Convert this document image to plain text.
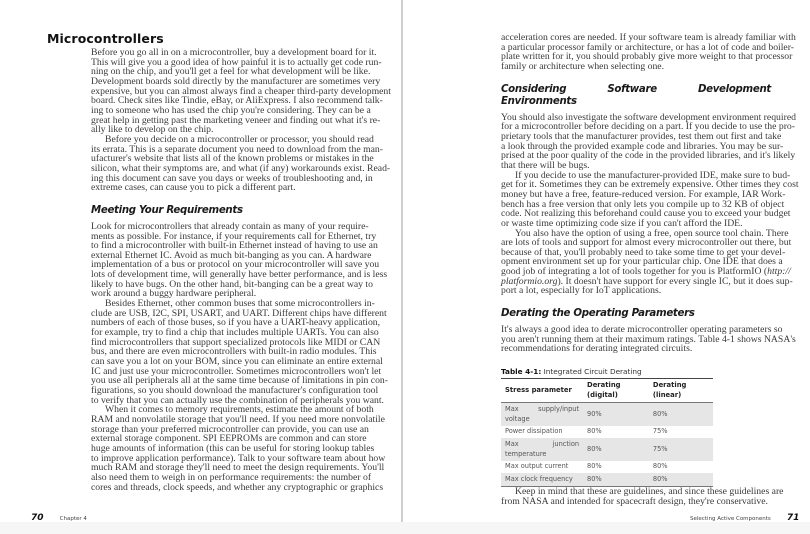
Microcontrollers

Before you go all in on a microcontroller, buy a development board for it.
This will give you a good idea of how painful it is to actually get code run-
ning on the chip, and you'll get a feel for what development will be like.
Development boards sold directly by the manufacturer are sometimes very
expensive, but you can almost always find a cheaper third-party development
board. Check sites like Tindie, eBay, or AliExpress. I also recommend talk-
ing to someone who has used the chip you're considering. They can be a
great help in getting past the marketing veneer and finding out what it's re-
ally like to develop on the chip.

Before you decide on a microcontroller or processor, you should read
its errata. This is a separate document you need to download from the man-
ufacturer's website that lists all of the known problems or mistakes in the
silicon, what their symptoms are, and what (if any) workarounds exist. Read-
ing this document can save you days or weeks of troubleshooting and, in
extreme cases, can cause you to pick a different part.

Meeting Your Requirements

Look for microcontrollers that already contain as many of your require-
ments as possible. For instance, if your requirements call for Ethernet, try
to find a microcontroller with built-in Ethernet instead of having to use an
external Ethernet IC. Avoid as much bit-banging as you can. A hardware
implementation of a bus or protocol on your microcontroller will save you
lots of development time, will generally have better performance, and is less
likely to have bugs. On the other hand, bit-banging can be a great way to
work around a buggy hardware peripheral.

Besides Ethernet, other common buses that some microcontrollers in-
clude are USB, I2C, SPI, USART, and UART. Different chips have different
numbers of each of those buses, so if you have a UART-heavy application,
for example, try to find a chip that includes multiple UARTs. You can also
find microcontrollers that support specialized protocols like MIDI or CAN
bus, and there are even microcontrollers with built-in radio modules. This
can save you a lot on your BOM, since you can eliminate an entire external
IC and just use your microcontroller. Sometimes microcontrollers won't let
you use all peripherals all at the same time because of limitations in pin con-
figurations, so you should download the manufacturer's configuration tool
to verify that you can actually use the combination of peripherals you want.

When it comes to memory requirements, estimate the amount of both
RAM and nonvolatile storage that you'll need. If you need more nonvolatile
storage than your preferred microcontroller can provide, you can use an
external storage component. SPI EEPROMs are common and can store
huge amounts of information (this can be useful for storing lookup tables
to improve application performance). Talk to your software team about how
much RAM and storage they'll need to meet the design requirements. You'll
also need them to weigh in on performance requirements: the number of
cores and threads, clock speeds, and whether any cryptographic or graphics

70	Chapter 4

acceleration cores are needed. If your software team is already familiar with
a particular processor family or architecture, or has a lot of code and boiler-
plate written for it, you should probably give more weight to that processor
family or architecture when selecting one.

Considering Software Development Environments

You should also investigate the software development environment required
for a microcontroller before deciding on a part. If you decide to use the pro-
prietary tools that the manufacturer provides, test them out first and take
a look through the provided example code and libraries. You may be sur-
prised at the poor quality of the code in the provided libraries, and it's likely
that there will be bugs.

If you decide to use the manufacturer-provided IDE, make sure to bud-
get for it. Sometimes they can be extremely expensive. Other times they cost
money but have a free, feature-reduced version. For example, IAR Work-
bench has a free version that only lets you compile up to 32 KB of object
code. Not realizing this beforehand could cause you to exceed your budget
or waste time optimizing code size if you can't afford the IDE.

You also have the option of using a free, open source tool chain. There
are lots of tools and support for almost every microcontroller out there, but
because of that, you'll probably need to take some time to get your devel-
opment environment set up for your particular chip. One IDE that does a
good job of integrating a lot of tools together for you is PlatformIO (http://
platformio.org). It doesn't have support for every single IC, but it does sup-
port a lot, especially for IoT applications.

Derating the Operating Parameters

It's always a good idea to derate microcontroller operating parameters so
you aren't running them at their maximum ratings. Table 4-1 shows NASA's
recommendations for derating integrated circuits.

Table 4-1: Integrated Circuit Derating
Stress parameter	Derating (digital)	Derating (linear)
Max supply/input voltage	90%	80%
Power dissipation	80%	75%
Max junction temperature	80%	75%
Max output current	80%	80%
Max clock frequency	80%	80%

Keep in mind that these are guidelines, and since these guidelines are
from NASA and intended for spacecraft design, they're conservative.

Selecting Active Components 71
